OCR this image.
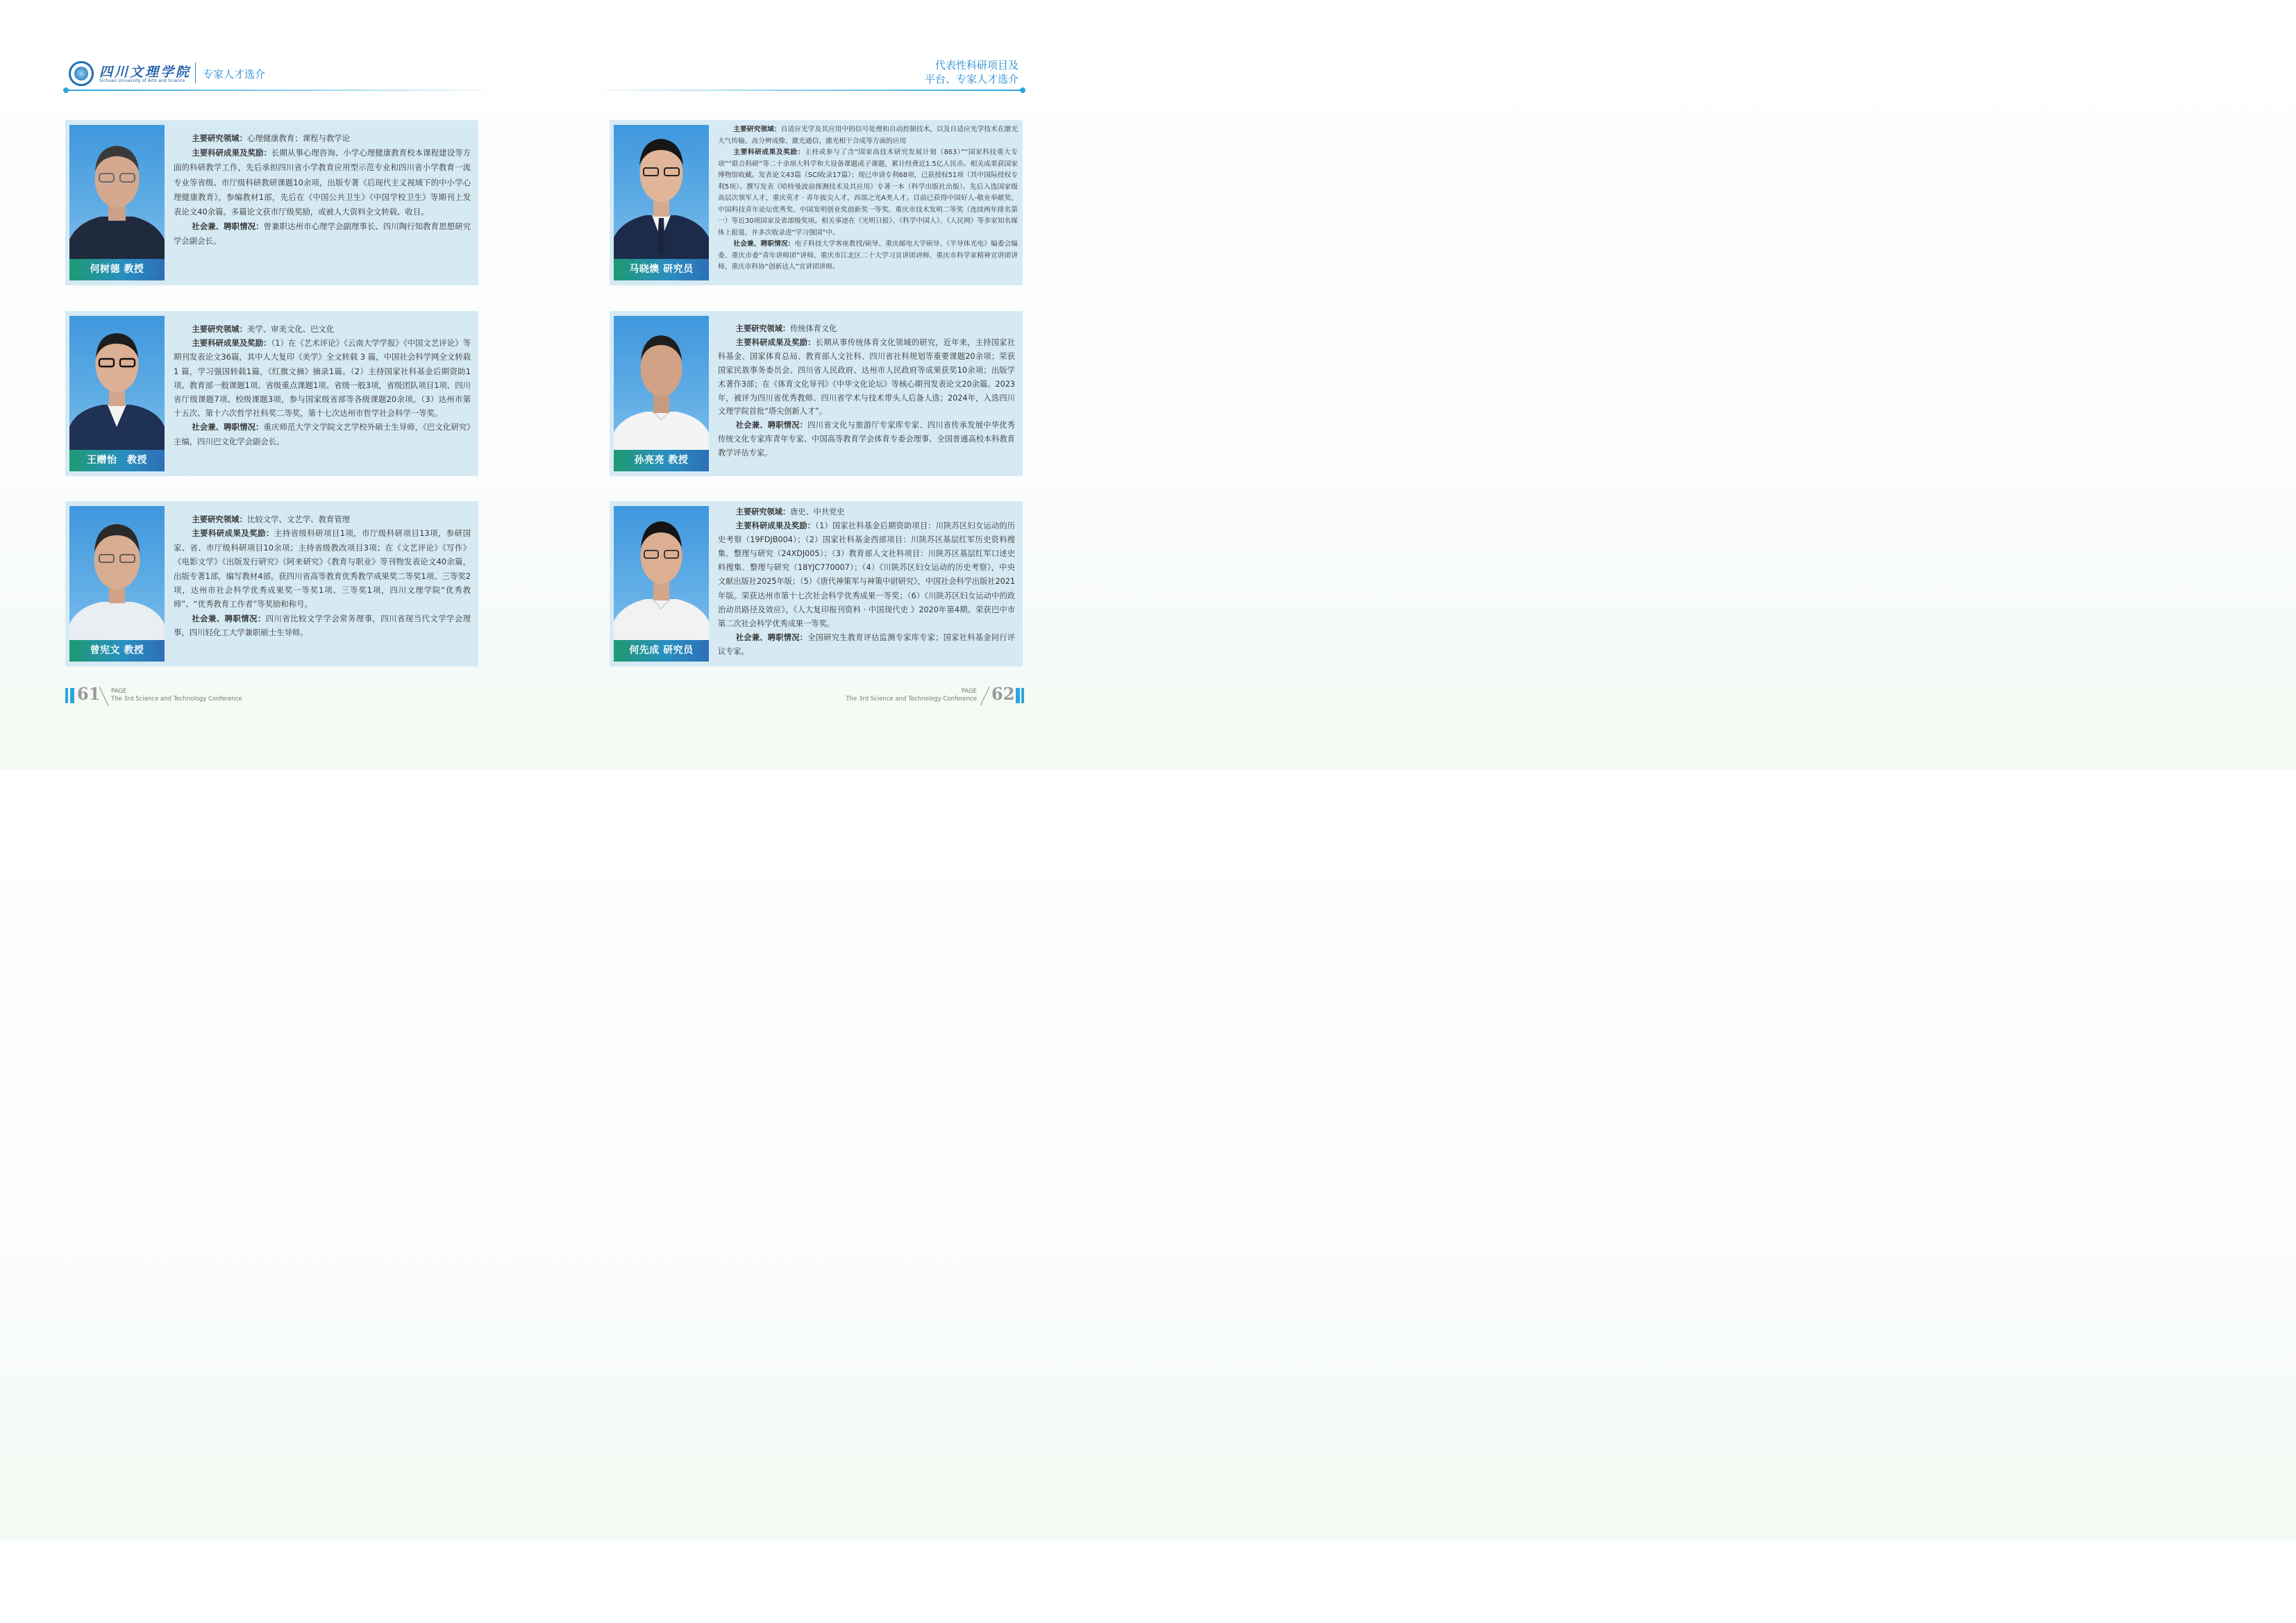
四川文理学院
Sichuan University of Arts and Science
专家人才选介
代表性科研项目及
平台、专家人才选介
何树德 教授

主要研究领域：心理健康教育；课程与教学论

主要科研成果及奖励：长期从事心理咨询、小学心理健康教育校本课程建设等方面的科研教学工作，先后承担四川省小学教育应用型示范专业和四川省小学教育一流专业等省级、市厅级科研教研课题10余项，出版专著《后现代主义视域下的中小学心理健康教育》，参编教材1部，先后在《中国公共卫生》《中国学校卫生》等期刊上发表论文40余篇。多篇论文获市厅级奖励，或被人大资料全文转载、收目。

社会兼、聘职情况：曾兼职达州市心理学会副理事长、四川陶行知教育思想研究学会副会长。

王赠怡　教授

主要研究领域：美学、审美文化、巴文化

主要科研成果及奖励：（1）在《艺术评论》《云南大学学报》《中国文艺评论》等期刊发表论文36篇，其中人大复印《美学》全文转载 3 篇，中国社会科学网全文转载 1 篇，学习强国转载1篇，《红旗文摘》摘录1篇。（2）主持国家社科基金后期资助1项、教育部一般课题1项、省级重点课题1项、省级一般3项，省级团队项目1项、四川省厅级课题7项、校级课题3项，参与国家级省部等各级课题20余项。（3）达州市第十五次、第十六次哲学社科奖二等奖，第十七次达州市哲学社会科学一等奖。

社会兼、聘职情况：重庆师范大学文学院文艺学校外硕士生导师，《巴文化研究》主编，四川巴文化学会副会长。

曾宪文 教授

主要研究领域：比较文学、文艺学、教育管理

主要科研成果及奖励：主持省级科研项目1项，市厅级科研项目13项，参研国家、省、市厅级科研项目10余项；主持省级教改项目3项；在《文艺评论》《写作》《电影文学》《出版发行研究》《阿来研究》《教育与职业》等刊物发表论文40余篇，出版专著1部，编写教材4部。获四川省高等教育优秀教学成果奖二等奖1项、三等奖2项，达州市社会科学优秀成果奖一等奖1项、三等奖1项，四川文理学院“优秀教师”、“优秀教育工作者”等奖励和称号。

社会兼、聘职情况：四川省比较文学学会常务理事，四川省现当代文学学会理事，四川轻化工大学兼职硕士生导师。

马晓燠 研究员

主要研究领域：自适应光学及其应用中的信号处理和自动控制技术，以及自适应光学技术在激光大气传输、高分辨成像、激光通信、激光相干合成等方面的应用

主要科研成果及奖励：主持或参与了含“国家高技术研究发展计划（863）”“国家科技重大专项”“联合科研”等二十余项大科学和大设备课题或子课题，累计经费近1.5亿人民币。相关成果获国家博物馆收藏。发表论文43篇（SCI收录17篇）；现已申请专利68项，已获授权51项（其中国际授权专利5项）。撰写发表《哈特曼波前探测技术及其应用》专著一本（科学出版社出版）。先后入选国家级高层次领军人才，重庆英才 · 青年拔尖人才，西部之光A类人才。目前已获得中国好人-敬业奉献奖、中国科技青年论坛优秀奖、中国发明创业奖创新奖一等奖、重庆市技术发明二等奖（连续两年排名第一）等近30项国家及省部级奖项。相关事迹在《光明日报》、《科学中国人》、《人民网》等多家知名媒体上报道，并多次收录进“学习强国”中。

社会兼、聘职情况：电子科技大学客座教授/硕导、重庆邮电大学硕导、《半导体光电》编委会编委、重庆市委“青年讲师团”讲师、重庆市江北区二十大学习宣讲团讲师、重庆市科学家精神宣讲团讲师、重庆市科协“创新达人”宣讲团讲师。

孙亮亮 教授

主要研究领域：传统体育文化

主要科研成果及奖励：长期从事传统体育文化领域的研究，近年来，主持国家社科基金、国家体育总局、教育部人文社科、四川省社科规划等重要课题20余项；荣获国家民族事务委员会、四川省人民政府、达州市人民政府等成果获奖10余项；出版学术著作3部；在《体育文化导刊》《中华文化论坛》等核心期刊发表论文20余篇。2023年，被评为四川省优秀教师、四川省学术与技术带头人后备人选；2024年，入选四川文理学院首批“塔尖创新人才”。

社会兼、聘职情况：四川省文化与旅游厅专家库专家、四川省传承发展中华优秀传统文化专家库青年专家、中国高等教育学会体育专委会理事、全国普通高校本科教育教学评估专家。

何先成 研究员

主要研究领域：唐史、中共党史

主要科研成果及奖励：（1）国家社科基金后期资助项目：川陕苏区妇女运动的历史考察（19FDJB004）；（2）国家社科基金西部项目：川陕苏区基层红军历史资料搜集、整理与研究（24XDJ005）；（3）教育部人文社科项目：川陕苏区基层红军口述史料搜集、整理与研究（18YJC770007）；（4）《川陕苏区妇女运动的历史考察》，中央文献出版社2025年版；（5）《唐代神策军与神策中尉研究》，中国社会科学出版社2021年版。荣获达州市第十七次社会科学优秀成果一等奖；（6）《川陕苏区妇女运动中的政治动员路径及效应》，《人大复印报刊资料 · 中国现代史 》2020年第4期。荣获巴中市第二次社会科学优秀成果一等奖。

社会兼、聘职情况：全国研究生教育评估监测专家库专家；国家社科基金同行评议专家。

61 PAGE
The 3rd Science and Technology Conference
PAGE
The 3rd Science and Technology Conference 62
